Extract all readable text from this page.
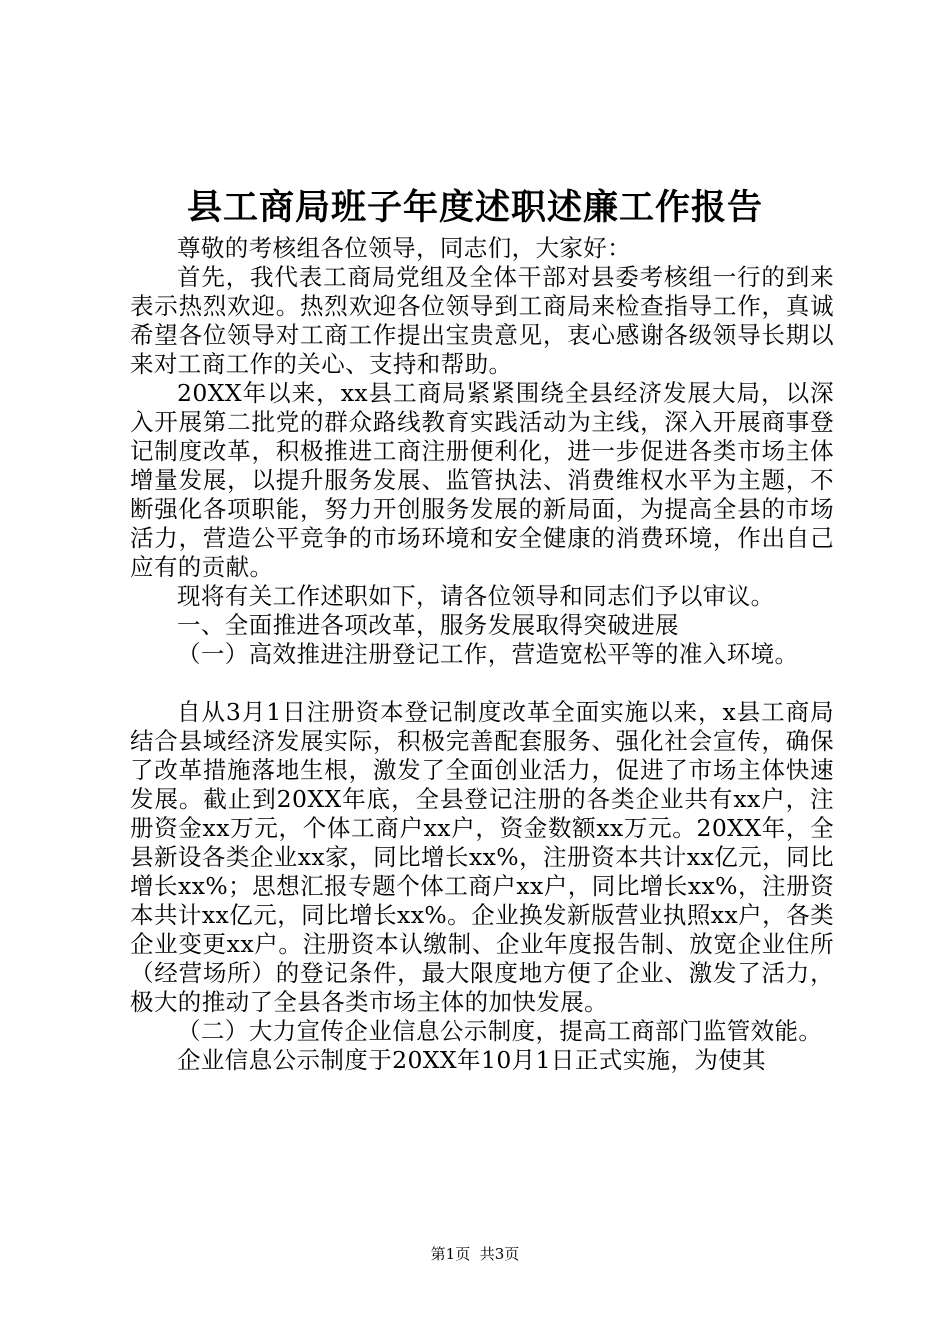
县工商局班子年度述职述廉工作报告

尊敬的考核组各位领导，同志们，大家好：

首先，我代表工商局党组及全体干部对县委考核组一行的到来表示热烈欢迎。热烈欢迎各位领导到工商局来检查指导工作，真诚希望各位领导对工商工作提出宝贵意见，衷心感谢各级领导长期以来对工商工作的关心、支持和帮助。

20XX年以来，xx县工商局紧紧围绕全县经济发展大局，以深入开展第二批党的群众路线教育实践活动为主线，深入开展商事登记制度改革，积极推进工商注册便利化，进一步促进各类市场主体增量发展，以提升服务发展、监管执法、消费维权水平为主题，不断强化各项职能，努力开创服务发展的新局面，为提高全县的市场活力，营造公平竞争的市场环境和安全健康的消费环境，作出自己应有的贡献。

现将有关工作述职如下，请各位领导和同志们予以审议。

一、全面推进各项改革，服务发展取得突破进展

（一）高效推进注册登记工作，营造宽松平等的准入环境。

自从3月1日注册资本登记制度改革全面实施以来，x县工商局结合县域经济发展实际，积极完善配套服务、强化社会宣传，确保了改革措施落地生根，激发了全面创业活力，促进了市场主体快速发展。截止到20XX年底，全县登记注册的各类企业共有xx户，注册资金xx万元，个体工商户xx户，资金数额xx万元。20XX年，全县新设各类企业xx家，同比增长xx%，注册资本共计xx亿元，同比增长xx%；思想汇报专题个体工商户xx户，同比增长xx%，注册资本共计xx亿元，同比增长xx%。企业换发新版营业执照xx户，各类企业变更xx户。注册资本认缴制、企业年度报告制、放宽企业住所（经营场所）的登记条件，最大限度地方便了企业、激发了活力，极大的推动了全县各类市场主体的加快发展。

（二）大力宣传企业信息公示制度，提高工商部门监管效能。

企业信息公示制度于20XX年10月1日正式实施，为使其

第1页 共3页
